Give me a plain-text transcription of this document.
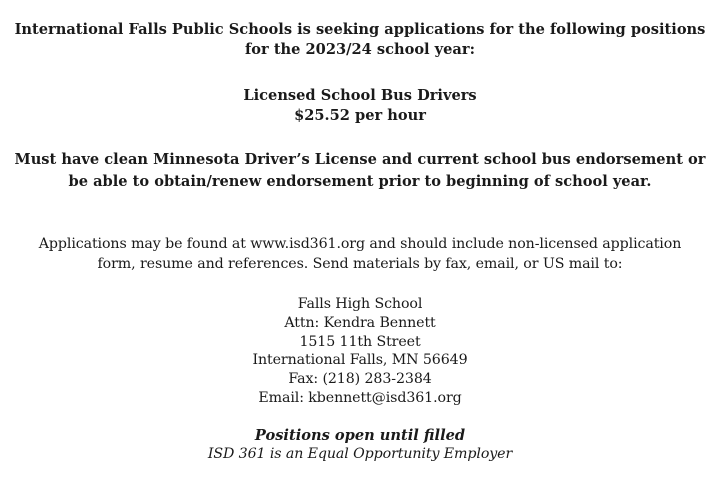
International Falls Public Schools is seeking applications for the following positions
for the 2023/24 school year:
Licensed School Bus Drivers
$25.52 per hour
Must have clean Minnesota Driver’s License and current school bus endorsement or
be able to obtain/renew endorsement prior to beginning of school year.
Applications may be found at www.isd361.org and should include non-licensed application
form, resume and references. Send materials by fax, email, or US mail to:
Falls High School
Attn: Kendra Bennett
1515 11th Street
International Falls, MN 56649
Fax: (218) 283-2384
Email: kbennett@isd361.org
Positions open until filled
ISD 361 is an Equal Opportunity Employer
